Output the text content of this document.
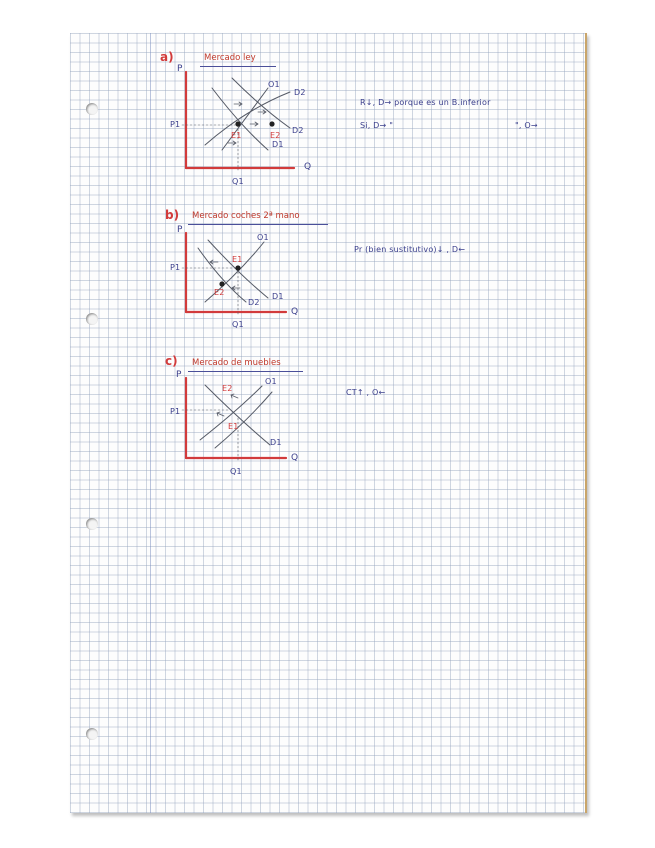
a)	Mercado ley
b) Mercado coches 2ª mano
c) Mercado de muebles
P
Q
P1
Q1
O1
D2
E1	E2
D2
D1
R↓, D→ porque es un B.inferior
Si, D→ "	", O→
P
Q
P1
Q1
O1
E1
E2
D2
D1
Pr (bien sustitutivo)↓ , D←
P
Q
P1
Q1
O1
E2
E1
D1
CT↑ , O←
